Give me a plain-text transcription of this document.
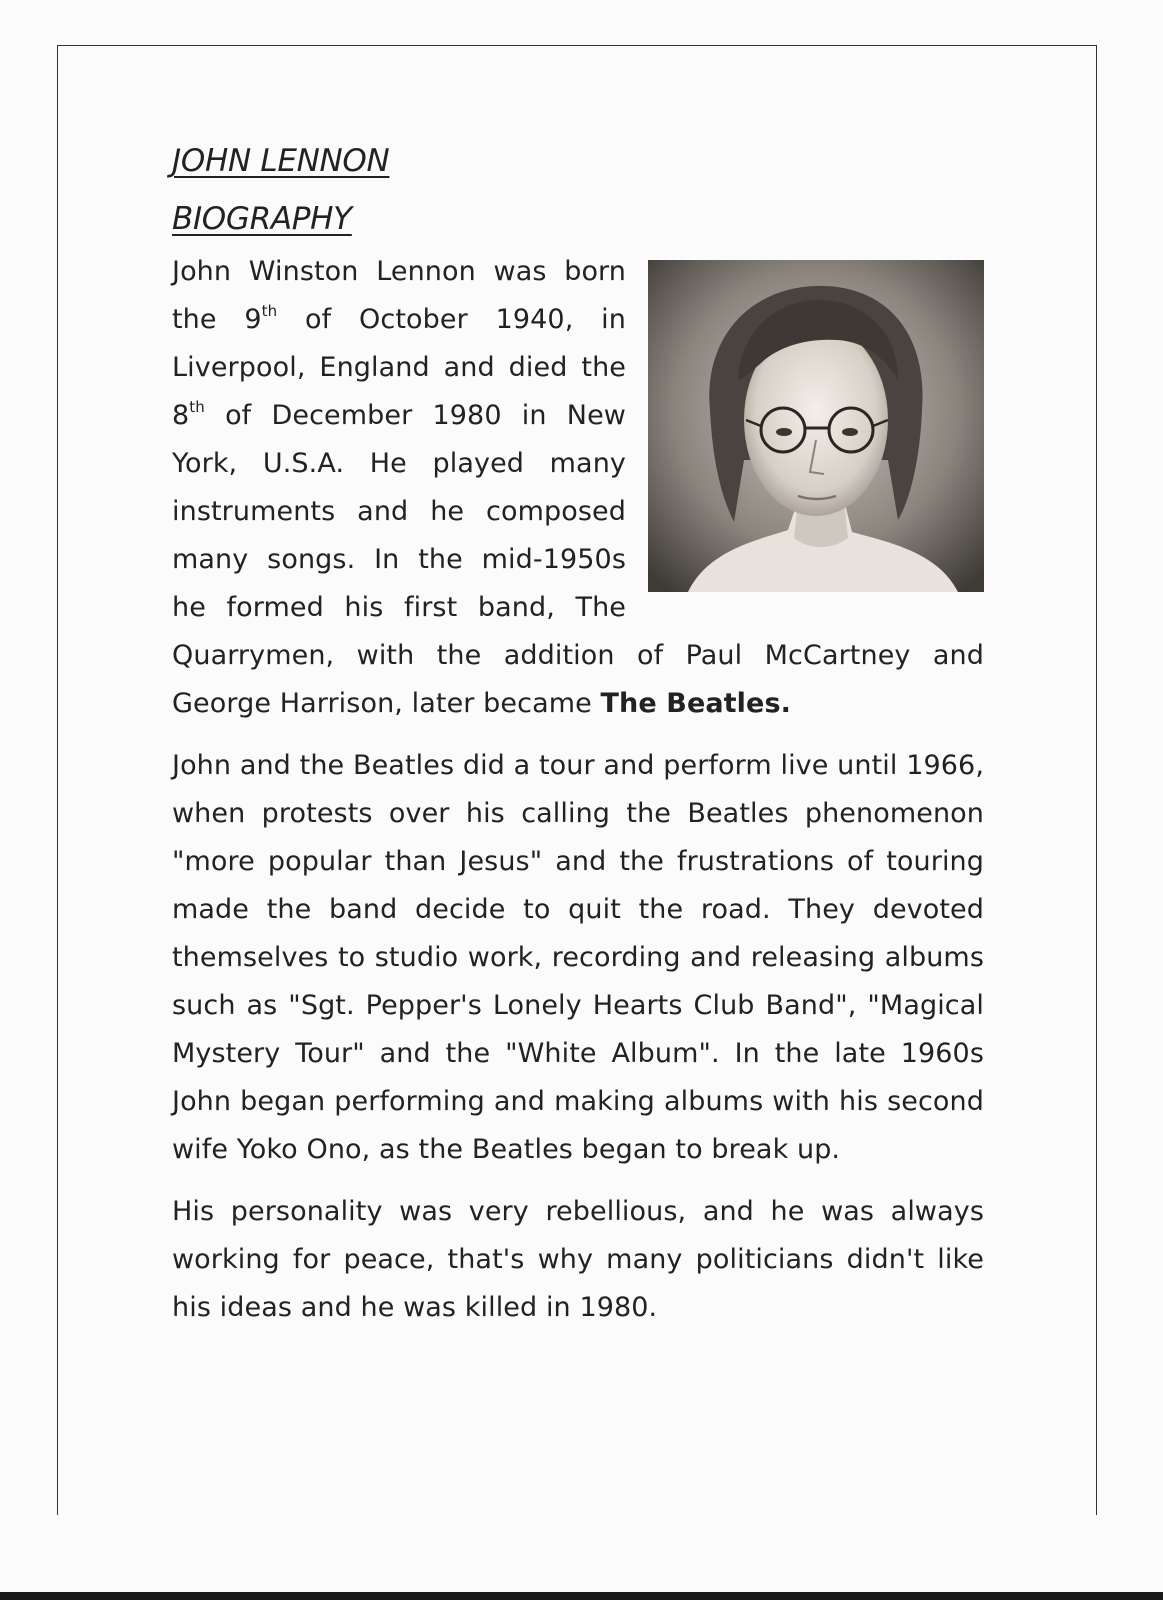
JOHN LENNON
BIOGRAPHY

John Winston Lennon was born the 9th of October 1940, in Liverpool, England and died the 8th of December 1980 in New York, U.S.A. He played many instruments and he composed many songs. In the mid-1950s he formed his first band, The Quarrymen, with the addition of Paul McCartney and George Harrison, later became The Beatles.

John and the Beatles did a tour and perform live until 1966, when protests over his calling the Beatles phenomenon "more popular than Jesus" and the frustrations of touring made the band decide to quit the road. They devoted themselves to studio work, recording and releasing albums such as "Sgt. Pepper's Lonely Hearts Club Band", "Magical Mystery Tour" and the "White Album". In the late 1960s John began performing and making albums with his second wife Yoko Ono, as the Beatles began to break up.

His personality was very rebellious, and he was always working for peace, that's why many politicians didn't like his ideas and he was killed in 1980.
